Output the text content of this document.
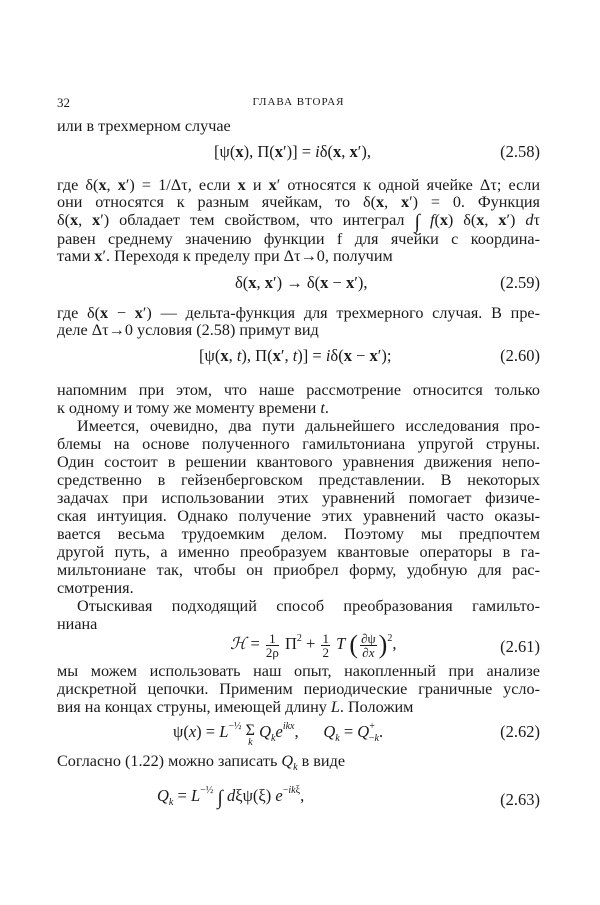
32	ГЛАВА ВТОРАЯ
или в трехмерном случае
[ψ(x), Π(x′)] = iδ(x, x′),	(2.58)
где δ(x, x′) = 1/Δτ, если x и x′ относятся к одной ячейке Δτ; если
они относятся к разным ячейкам, то δ(x, x′) = 0. Функция
δ(x, x′) обладает тем свойством, что интеграл ∫ f(x) δ(x, x′) dτ
равен среднему значению функции f для ячейки с координа-
тами x′. Переходя к пределу при Δτ→0, получим
δ(x, x′) → δ(x − x′),	(2.59)
где δ(x − x′) — дельта-функция для трехмерного случая. В пре-
деле Δτ→0 условия (2.58) примут вид
[ψ(x, t), Π(x′, t)] = iδ(x − x′);	(2.60)
напомним при этом, что наше рассмотрение относится только
к одному и тому же моменту времени t.
Имеется, очевидно, два пути дальнейшего исследования про-
блемы на основе полученного гамильтониана упругой струны.
Один состоит в решении квантового уравнения движения непо-
средственно в гейзенберговском представлении. В некоторых
задачах при использовании этих уравнений помогает физиче-
ская интуиция. Однако получение этих уравнений часто оказы-
вается весьма трудоемким делом. Поэтому мы предпочтем
другой путь, а именно преобразуем квантовые операторы в га-
мильтониане так, чтобы он приобрел форму, удобную для рас-
смотрения.
Отыскивая подходящий способ преобразования гамильто-
ниана
ℋ = $\frac{1}{2\rho} \Pi^2 + \frac{1}{2}$ T ( $\frac{\partial\psi}{\partial x} )^2$,	(2.61)
мы можем использовать наш опыт, накопленный при анализе
дискретной цепочки. Применим периодические граничные усло-
вия на концах струны, имеющей длину L. Положим
$\psi(x) = L^{-\frac{1}{2}}$ Σ
k
$Q_ke^{ikx}$,      $Q_k = Q^+_{-k}$.	(2.62)
Согласно (1.22) можно записать $Q_k$ в виде
$Q_k = L^{-\frac{1}{2}}$ ∫ dξψ(ξ) $e^{-ik\xi}$,	(2.63)
